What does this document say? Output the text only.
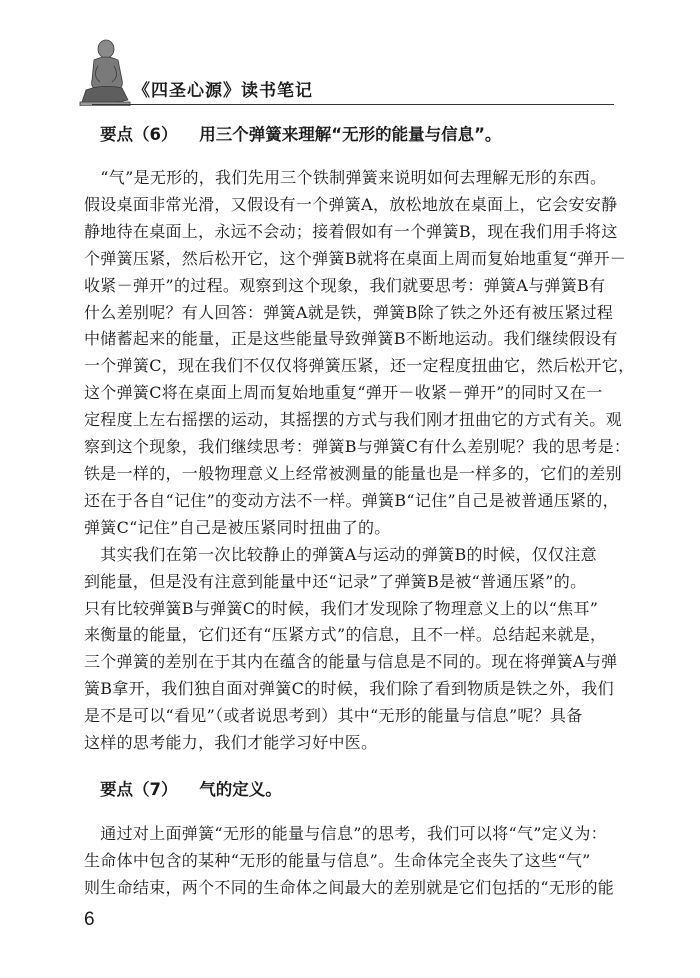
《四圣心源》读书笔记

要点（6） 用三个弹簧来理解“无形的能量与信息”。

　“气”是无形的，我们先用三个铁制弹簧来说明如何去理解无形的东西。
假设桌面非常光滑，又假设有一个弹簧A，放松地放在桌面上，它会安安静
静地待在桌面上，永远不会动；接着假如有一个弹簧B，现在我们用手将这
个弹簧压紧，然后松开它，这个弹簧B就将在桌面上周而复始地重复“弹开－
收紧－弹开”的过程。观察到这个现象，我们就要思考：弹簧A与弹簧B有
什么差别呢？有人回答：弹簧A就是铁，弹簧B除了铁之外还有被压紧过程
中储蓄起来的能量，正是这些能量导致弹簧B不断地运动。我们继续假设有
一个弹簧C，现在我们不仅仅将弹簧压紧，还一定程度扭曲它，然后松开它，
这个弹簧C将在桌面上周而复始地重复“弹开－收紧－弹开”的同时又在一
定程度上左右摇摆的运动，其摇摆的方式与我们刚才扭曲它的方式有关。观
察到这个现象，我们继续思考：弹簧B与弹簧C有什么差别呢？我的思考是：
铁是一样的，一般物理意义上经常被测量的能量也是一样多的，它们的差别
还在于各自“记住”的变动方法不一样。弹簧B“记住”自己是被普通压紧的，
弹簧C“记住”自己是被压紧同时扭曲了的。

　其实我们在第一次比较静止的弹簧A与运动的弹簧B的时候，仅仅注意
到能量，但是没有注意到能量中还“记录”了弹簧B是被“普通压紧”的。
只有比较弹簧B与弹簧C的时候，我们才发现除了物理意义上的以“焦耳”
来衡量的能量，它们还有“压紧方式”的信息，且不一样。总结起来就是，
三个弹簧的差别在于其内在蕴含的能量与信息是不同的。现在将弹簧A与弹
簧B拿开，我们独自面对弹簧C的时候，我们除了看到物质是铁之外，我们
是不是可以“看见”（或者说思考到）其中“无形的能量与信息”呢？具备
这样的思考能力，我们才能学习好中医。

要点（7） 气的定义。

　通过对上面弹簧“无形的能量与信息”的思考，我们可以将“气”定义为：
生命体中包含的某种“无形的能量与信息”。生命体完全丧失了这些“气”
则生命结束，两个不同的生命体之间最大的差别就是它们包括的“无形的能

6
